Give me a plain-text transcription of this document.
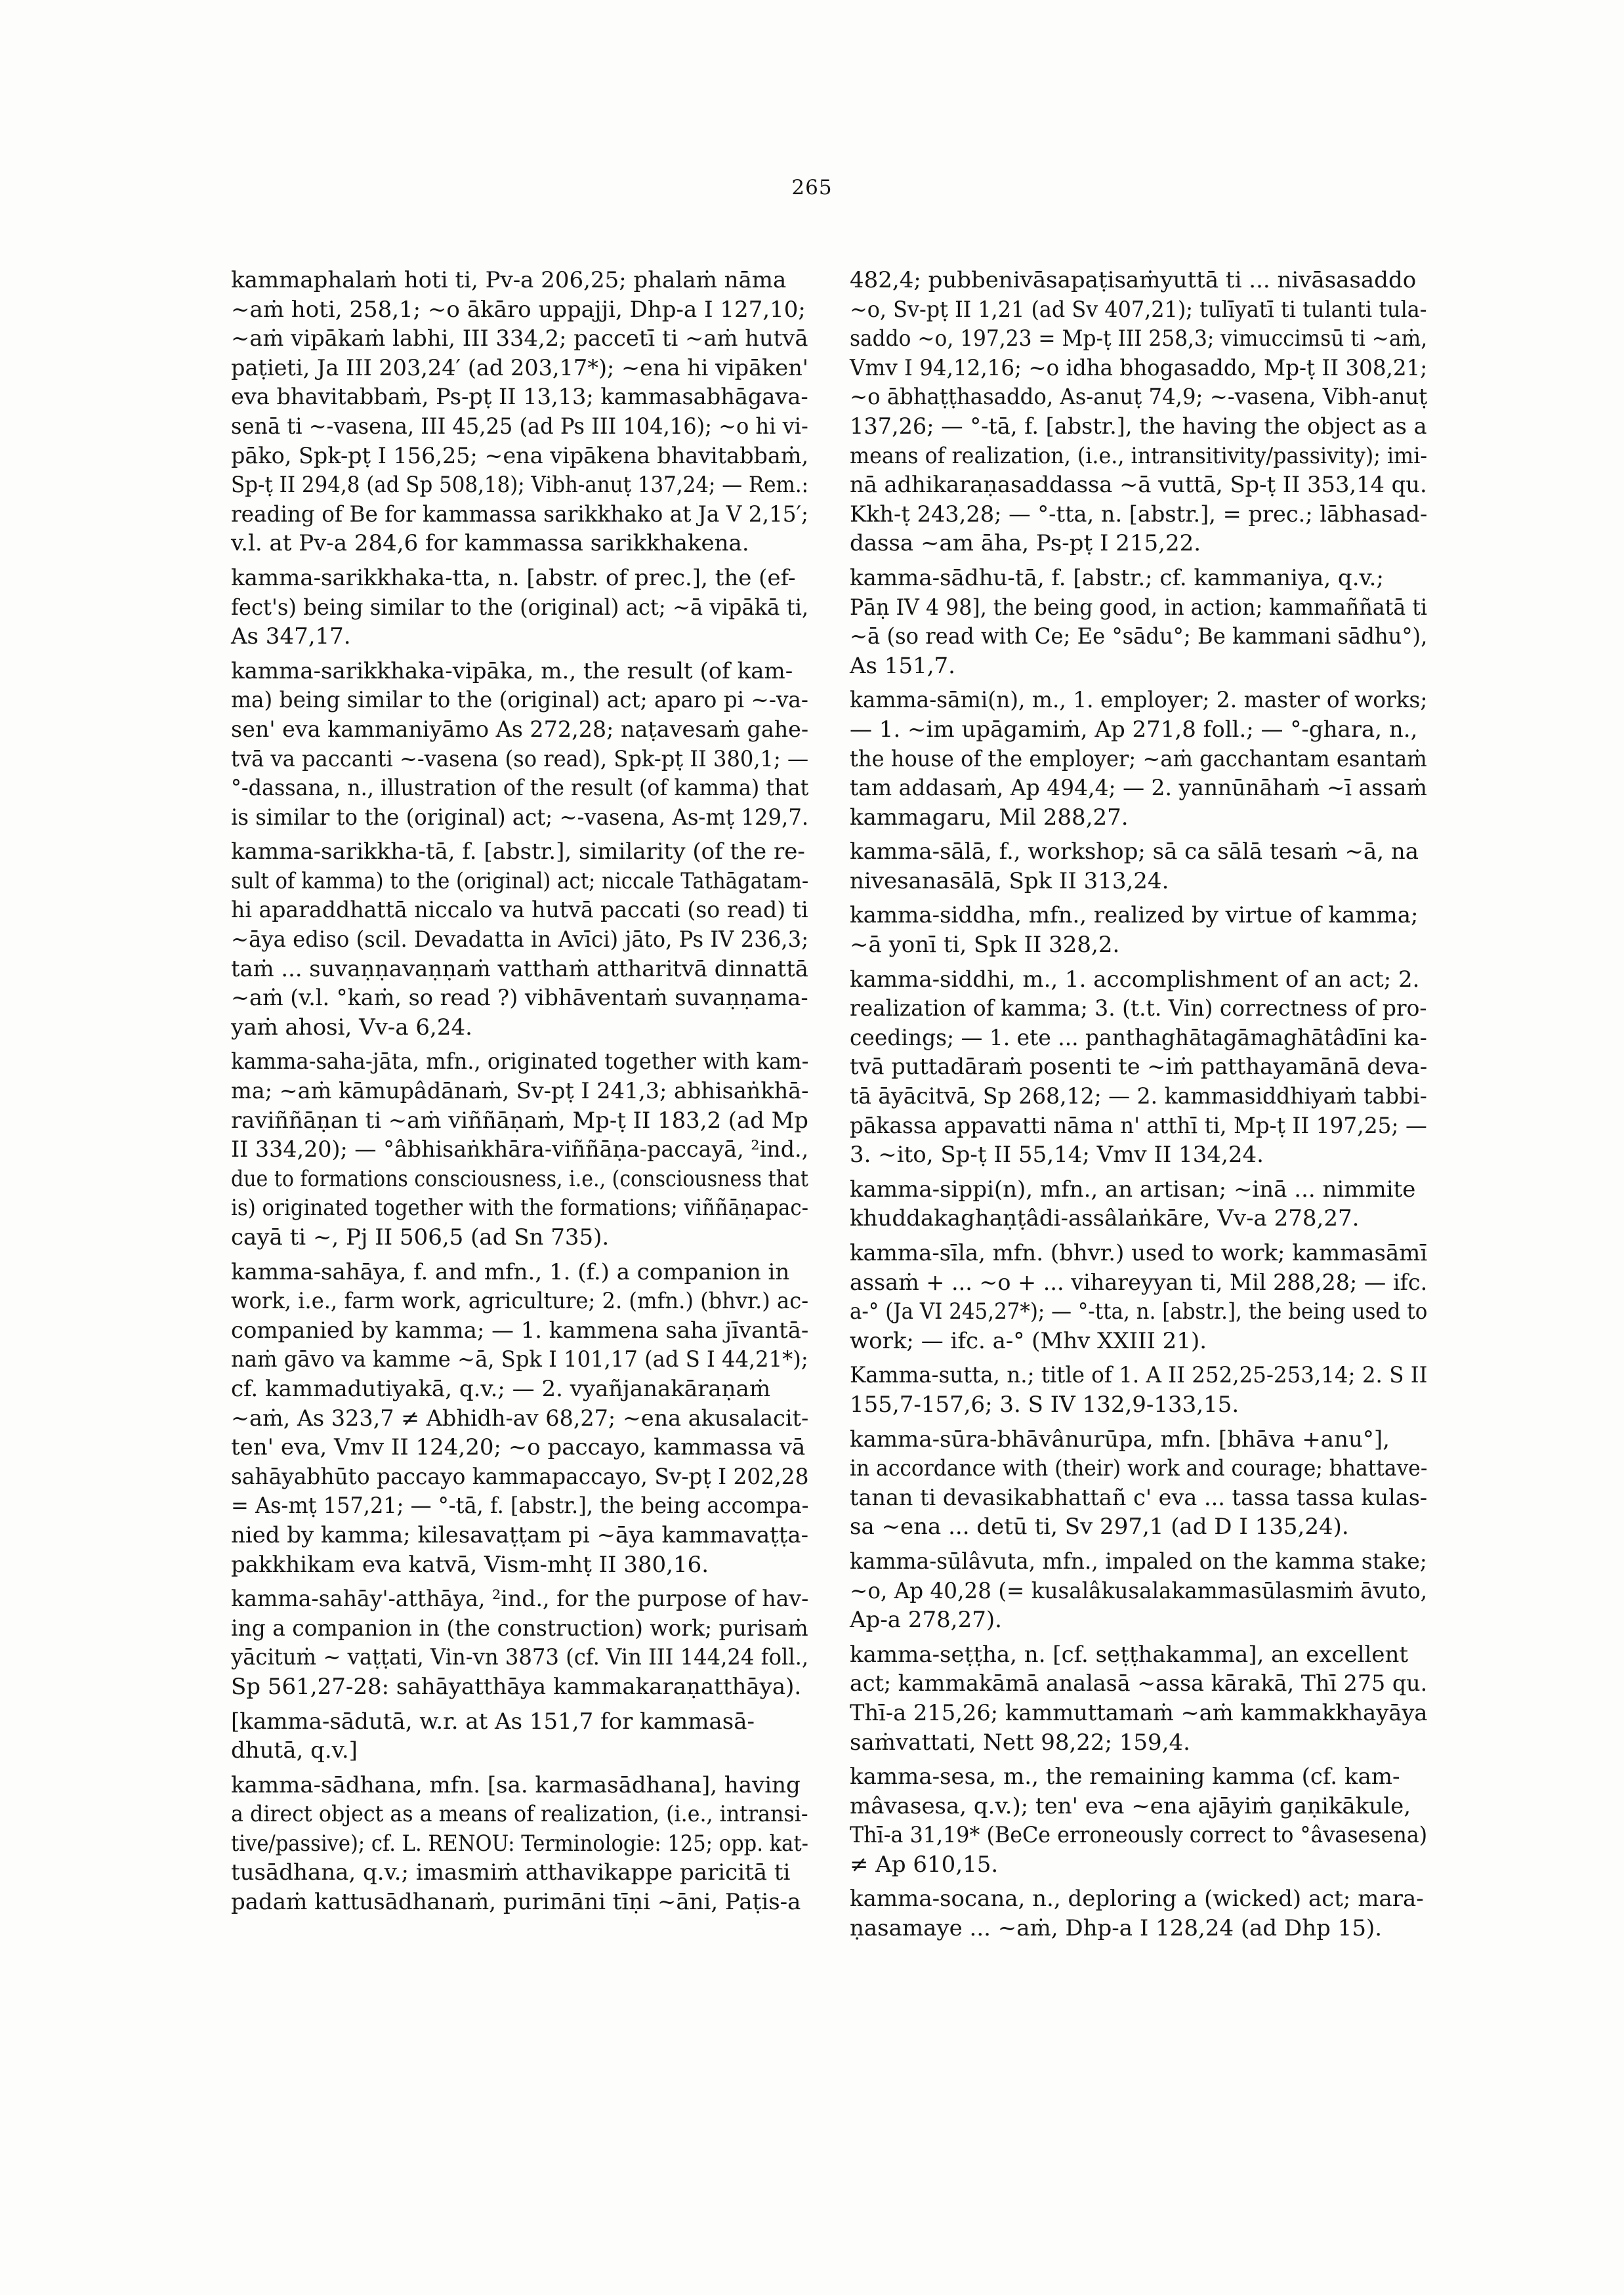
265
kammaphalaṁ hoti ti, Pv-a 206,25; phalaṁ nāma
~aṁ hoti, 258,1; ~o ākāro uppajji, Dhp-a I 127,10;
~aṁ vipākaṁ labhi, III 334,2; paccetī ti ~aṁ hutvā
paṭieti, Ja III 203,24′ (ad 203,17*); ~ena hi vipāken'
eva bhavitabbaṁ, Ps-pṭ II 13,13; kammasabhāgava-
senā ti ~-vasena, III 45,25 (ad Ps III 104,16); ~o hi vi-
pāko, Spk-pṭ I 156,25; ~ena vipākena bhavitabbaṁ,
Sp-ṭ II 294,8 (ad Sp 508,18); Vibh-anuṭ 137,24; — Rem.:
reading of Be for kammassa sarikkhako at Ja V 2,15′;
v.l. at Pv-a 284,6 for kammassa sarikkhakena.
kamma-sarikkhaka-tta, n. [abstr. of prec.], the (ef-
fect's) being similar to the (original) act; ~ā vipākā ti,
As 347,17.
kamma-sarikkhaka-vipāka, m., the result (of kam-
ma) being similar to the (original) act; aparo pi ~-va-
sen' eva kammaniyāmo As 272,28; naṭavesaṁ gahe-
tvā va paccanti ~-vasena (so read), Spk-pṭ II 380,1; —
°-dassana, n., illustration of the result (of kamma) that
is similar to the (original) act; ~-vasena, As-mṭ 129,7.
kamma-sarikkha-tā, f. [abstr.], similarity (of the re-
sult of kamma) to the (original) act; niccale Tathāgatam-
hi aparaddhattā niccalo va hutvā paccati (so read) ti
~āya ediso (scil. Devadatta in Avīci) jāto, Ps IV 236,3;
taṁ ... suvaṇṇavaṇṇaṁ vatthaṁ attharitvā dinnattā
~aṁ (v.l. °kaṁ, so read ?) vibhāventaṁ suvaṇṇama-
yaṁ ahosi, Vv-a 6,24.
kamma-saha-jāta, mfn., originated together with kam-
ma; ~aṁ kāmupâdānaṁ, Sv-pṭ I 241,3; abhisaṅkhā-
raviññāṇan ti ~aṁ viññāṇaṁ, Mp-ṭ II 183,2 (ad Mp
II 334,20); — °âbhisaṅkhāra-viññāṇa-paccayā, ²ind.,
due to formations consciousness, i.e., (consciousness that
is) originated together with the formations; viññāṇapac-
cayā ti ~, Pj II 506,5 (ad Sn 735).
kamma-sahāya, f. and mfn., 1. (f.) a companion in
work, i.e., farm work, agriculture; 2. (mfn.) (bhvr.) ac-
companied by kamma; — 1. kammena saha jīvantā-
naṁ gāvo va kamme ~ā, Spk I 101,17 (ad S I 44,21*);
cf. kammadutiyakā, q.v.; — 2. vyañjanakāraṇaṁ
~aṁ, As 323,7 ≠ Abhidh-av 68,27; ~ena akusalacit-
ten' eva, Vmv II 124,20; ~o paccayo, kammassa vā
sahāyabhūto paccayo kammapaccayo, Sv-pṭ I 202,28
= As-mṭ 157,21; — °-tā, f. [abstr.], the being accompa-
nied by kamma; kilesavaṭṭam pi ~āya kammavaṭṭa-
pakkhikam eva katvā, Vism-mhṭ II 380,16.
kamma-sahāy'-atthāya, ²ind., for the purpose of hav-
ing a companion in (the construction) work; purisaṁ
yācituṁ ~ vaṭṭati, Vin-vn 3873 (cf. Vin III 144,24 foll.,
Sp 561,27-28: sahāyatthāya kammakaraṇatthāya).
[kamma-sādutā, w.r. at As 151,7 for kammasā-
dhutā, q.v.]
kamma-sādhana, mfn. [sa. karmasādhana], having
a direct object as a means of realization, (i.e., intransi-
tive/passive); cf. L. RENOU: Terminologie: 125; opp. kat-
tusādhana, q.v.; imasmiṁ atthavikappe paricitā ti
padaṁ kattusādhanaṁ, purimāni tīṇi ~āni, Paṭis-a
482,4; pubbenivāsapaṭisaṁyuttā ti ... nivāsasaddo
~o, Sv-pṭ II 1,21 (ad Sv 407,21); tulīyatī ti tulanti tula-
saddo ~o, 197,23 = Mp-ṭ III 258,3; vimuccimsū ti ~aṁ,
Vmv I 94,12,16; ~o idha bhogasaddo, Mp-ṭ II 308,21;
~o ābhaṭṭhasaddo, As-anuṭ 74,9; ~-vasena, Vibh-anuṭ
137,26; — °-tā, f. [abstr.], the having the object as a
means of realization, (i.e., intransitivity/passivity); imi-
nā adhikaraṇasaddassa ~ā vuttā, Sp-ṭ II 353,14 qu.
Kkh-ṭ 243,28; — °-tta, n. [abstr.], = prec.; lābhasad-
dassa ~am āha, Ps-pṭ I 215,22.
kamma-sādhu-tā, f. [abstr.; cf. kammaniya, q.v.;
Pāṇ IV 4 98], the being good, in action; kammaññatā ti
~ā (so read with Ce; Ee °sādu°; Be kammani sādhu°),
As 151,7.
kamma-sāmi(n), m., 1. employer; 2. master of works;
— 1. ~im upāgamiṁ, Ap 271,8 foll.; — °-ghara, n.,
the house of the employer; ~aṁ gacchantam esantaṁ
tam addasaṁ, Ap 494,4; — 2. yannūnāhaṁ ~ī assaṁ
kammagaru, Mil 288,27.
kamma-sālā, f., workshop; sā ca sālā tesaṁ ~ā, na
nivesanasālā, Spk II 313,24.
kamma-siddha, mfn., realized by virtue of kamma;
~ā yonī ti, Spk II 328,2.
kamma-siddhi, m., 1. accomplishment of an act; 2.
realization of kamma; 3. (t.t. Vin) correctness of pro-
ceedings; — 1. ete ... panthaghātagāmaghātâdīni ka-
tvā puttadāraṁ posenti te ~iṁ patthayamānā deva-
tā āyācitvā, Sp 268,12; — 2. kammasiddhiyaṁ tabbi-
pākassa appavatti nāma n' atthī ti, Mp-ṭ II 197,25; —
3. ~ito, Sp-ṭ II 55,14; Vmv II 134,24.
kamma-sippi(n), mfn., an artisan; ~inā ... nimmite
khuddakaghaṇṭâdi-assâlaṅkāre, Vv-a 278,27.
kamma-sīla, mfn. (bhvr.) used to work; kammasāmī
assaṁ + ... ~o + ... vihareyyan ti, Mil 288,28; — ifc.
a-° (Ja VI 245,27*); — °-tta, n. [abstr.], the being used to
work; — ifc. a-° (Mhv XXIII 21).
Kamma-sutta, n.; title of 1. A II 252,25-253,14; 2. S II
155,7-157,6; 3. S IV 132,9-133,15.
kamma-sūra-bhāvânurūpa, mfn. [bhāva +anu°],
in accordance with (their) work and courage; bhattave-
tanan ti devasikabhattañ c' eva ... tassa tassa kulas-
sa ~ena ... detū ti, Sv 297,1 (ad D I 135,24).
kamma-sūlâvuta, mfn., impaled on the kamma stake;
~o, Ap 40,28 (= kusalâkusalakammasūlasmiṁ āvuto,
Ap-a 278,27).
kamma-seṭṭha, n. [cf. seṭṭhakamma], an excellent
act; kammakāmā analasā ~assa kārakā, Thī 275 qu.
Thī-a 215,26; kammuttamaṁ ~aṁ kammakkhayāya
saṁvattati, Nett 98,22; 159,4.
kamma-sesa, m., the remaining kamma (cf. kam-
mâvasesa, q.v.); ten' eva ~ena ajāyiṁ gaṇikākule,
Thī-a 31,19* (BeCe erroneously correct to °âvasesena)
≠ Ap 610,15.
kamma-socana, n., deploring a (wicked) act; mara-
ṇasamaye ... ~aṁ, Dhp-a I 128,24 (ad Dhp 15).
